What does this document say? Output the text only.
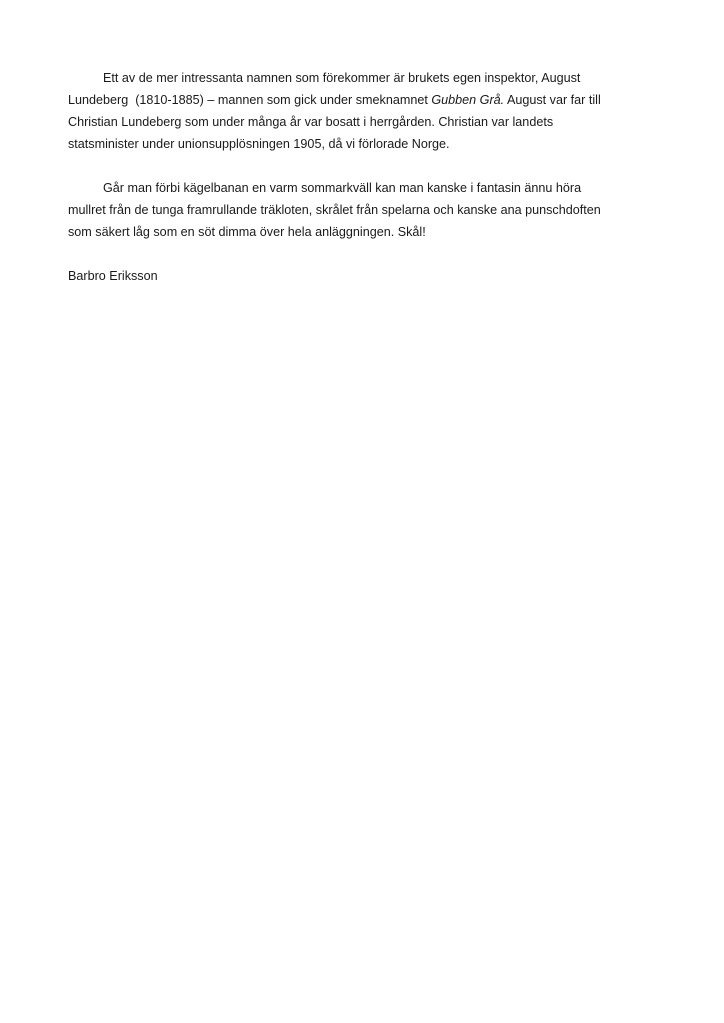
Ett av de mer intressanta namnen som förekommer är brukets egen inspektor, August
Lundeberg  (1810-1885) – mannen som gick under smeknamnet Gubben Grå. August var far till
Christian Lundeberg som under många år var bosatt i herrgården. Christian var landets
statsminister under unionsupplösningen 1905, då vi förlorade Norge.

Går man förbi kägelbanan en varm sommarkväll kan man kanske i fantasin ännu höra
mullret från de tunga framrullande träkloten, skrålet från spelarna och kanske ana punschdoften
som säkert låg som en söt dimma över hela anläggningen. Skål!

Barbro Eriksson
